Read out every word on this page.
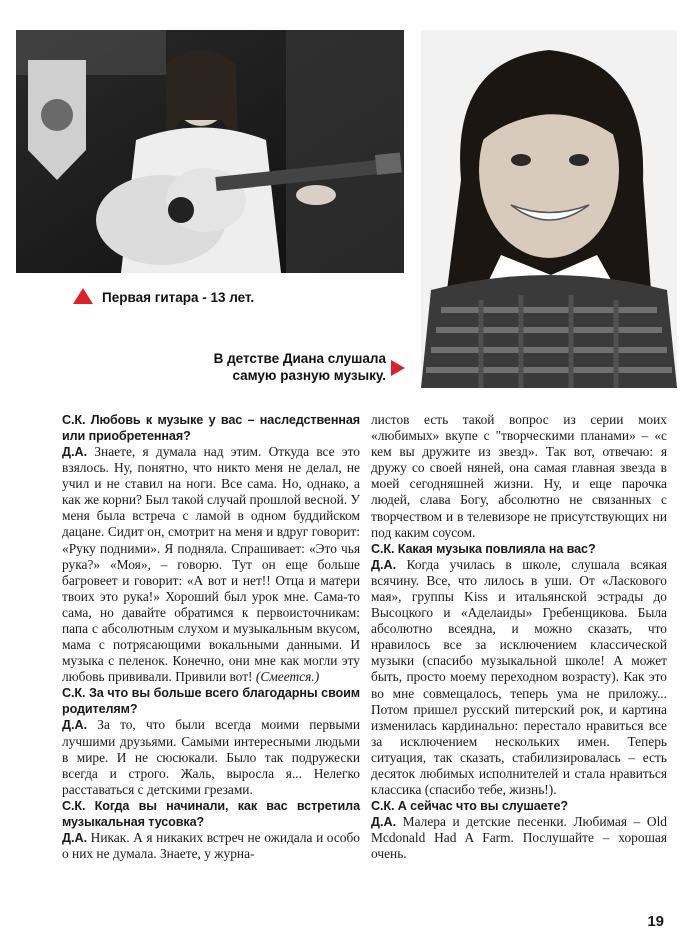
Первая гитара - 13 лет.
В детстве Диана слушала
самую разную музыку.

С.К. Любовь к музыке у вас – наследственная или приобретенная?

Д.А. Знаете, я думала над этим. Откуда все это взялось. Ну, понятно, что никто меня не делал, не учил и не ставил на ноги. Все сама. Но, однако, а как же корни? Был такой случай прошлой весной. У меня была встреча с ламой в одном буддийском дацане. Сидит он, смотрит на меня и вдруг говорит: «Руку подними». Я подняла. Спрашивает: «Это чья рука?» «Моя», – говорю. Тут он еще больше багровеет и говорит: «А вот и нет!! Отца и матери твоих это рука!» Хороший был урок мне. Сама-то сама, но давайте обратимся к первоисточникам: папа с абсолютным слухом и музыкальным вкусом, мама с потрясающими вокальными данными. И музыка с пеленок. Конечно, они мне как могли эту любовь прививали. Привили вот! (Смеется.)

С.К. За что вы больше всего благодарны своим родителям?

Д.А. За то, что были всегда моими первыми лучшими друзьями. Самыми интересными людьми в мире. И не сюсюкали. Было так подружески всегда и строго. Жаль, выросла я... Нелегко расставаться с детскими грезами.

С.К. Когда вы начинали, как вас встретила музыкальная тусовка?

Д.А. Никак. А я никаких встреч не ожидала и особо о них не думала. Знаете, у журна-

листов есть такой вопрос из серии моих «любимых» вкупе с "творческими планами» – «с кем вы дружите из звезд». Так вот, отвечаю: я дружу со своей няней, она самая главная звезда в моей сегодняшней жизни. Ну, и еще парочка людей, слава Богу, абсолютно не связанных с творчеством и в телевизоре не присутствующих ни под каким соусом.

С.К. Какая музыка повлияла на вас?

Д.А. Когда училась в школе, слушала всякая всячину. Все, что лилось в уши. От «Ласкового мая», группы Kiss и итальянской эстрады до Высоцкого и «Аделаиды» Гребенщикова. Была абсолютно всеядна, и можно сказать, что нравилось все за исключением классической музыки (спасибо музыкальной школе! А может быть, просто моему переходном возрасту). Как это во мне совмещалось, теперь ума не приложу... Потом пришел русский питерский рок, и картина изменилась кардинально: перестало нравиться все за исключением нескольких имен. Теперь ситуация, так сказать, стабилизировалась – есть десяток любимых исполнителей и стала нравиться классика (спасибо тебе, жизнь!).

С.К. А сейчас что вы слушаете?

Д.А. Малера и детские песенки. Любимая – Old Mcdonald Had A Farm. Послушайте – хорошая очень.

19
